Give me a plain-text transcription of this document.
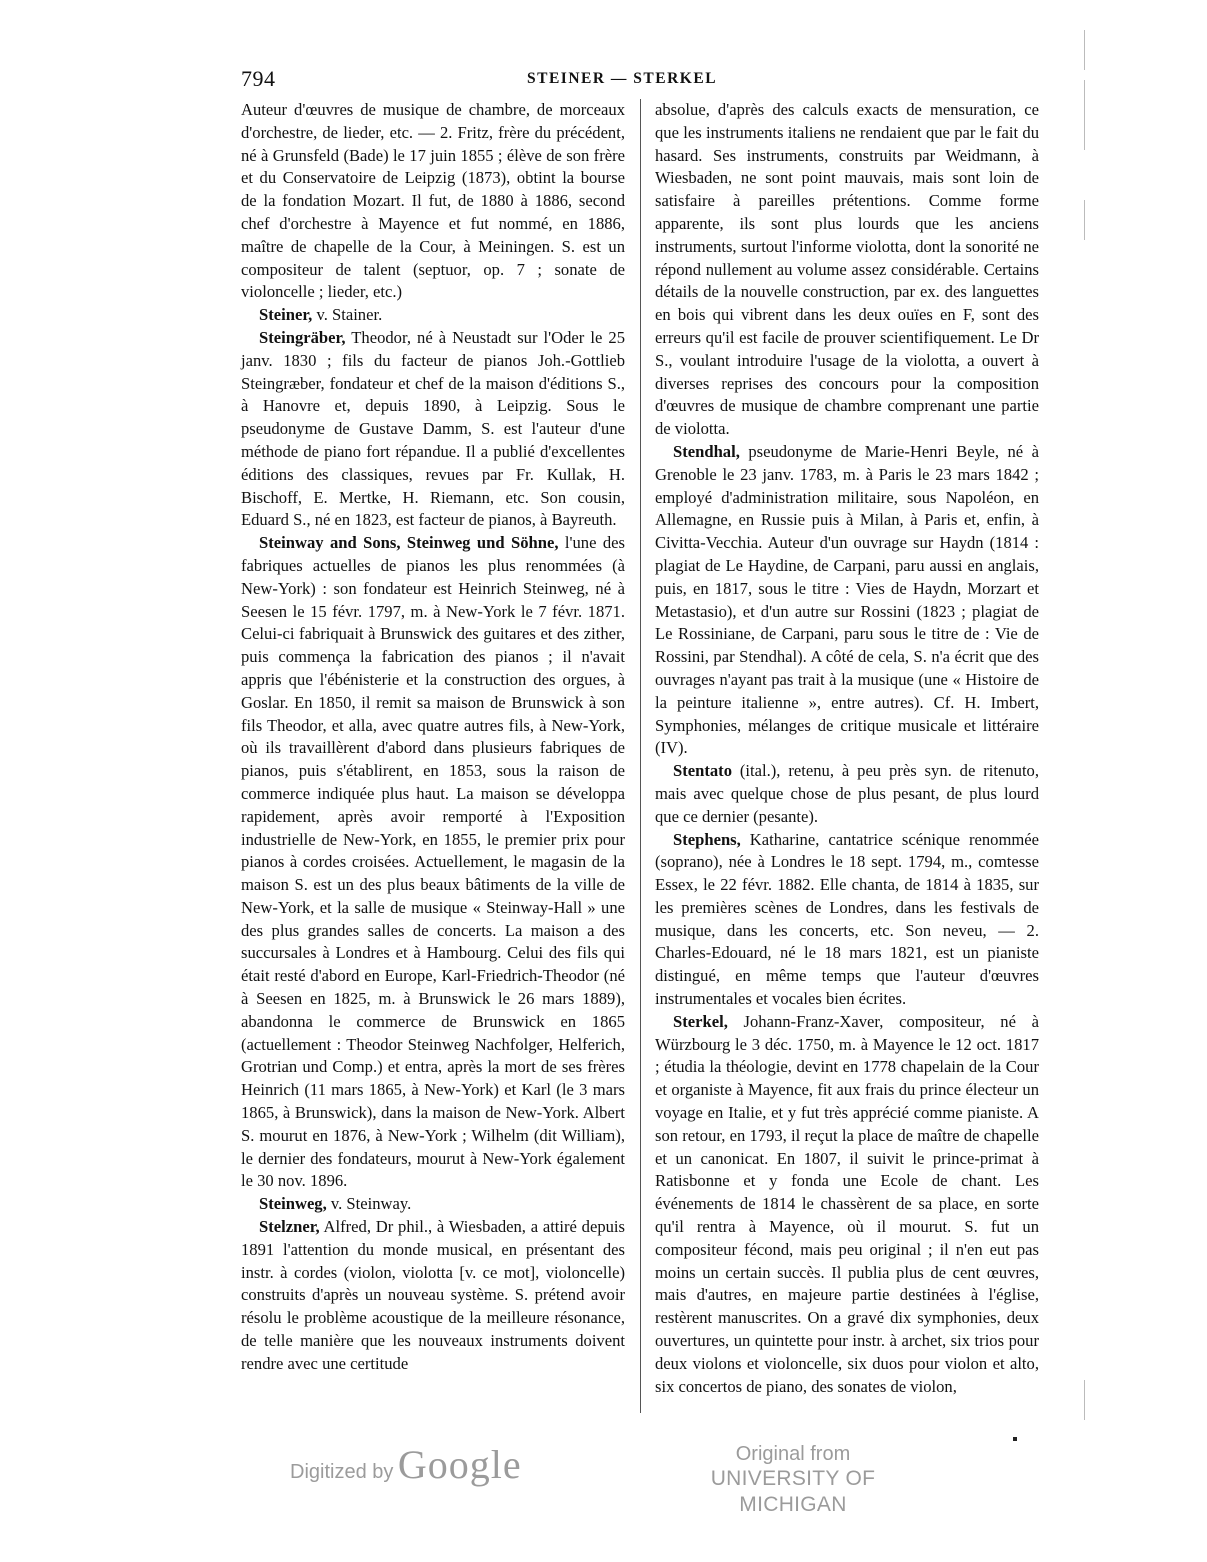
794	STEINER — STERKEL

Auteur d'œuvres de musique de chambre, de morceaux d'orchestre, de lieder, etc. — 2. Fritz, frère du précédent, né à Grunsfeld (Bade) le 17 juin 1855 ; élève de son frère et du Conservatoire de Leipzig (1873), obtint la bourse de la fondation Mozart. Il fut, de 1880 à 1886, second chef d'orchestre à Mayence et fut nommé, en 1886, maître de chapelle de la Cour, à Meiningen. S. est un compositeur de talent (septuor, op. 7 ; sonate de violoncelle ; lieder, etc.)

Steiner, v. Stainer.

Steingräber, Theodor, né à Neustadt sur l'Oder le 25 janv. 1830 ; fils du facteur de pianos Joh.-Gottlieb Steingræber, fondateur et chef de la maison d'éditions S., à Hanovre et, depuis 1890, à Leipzig. Sous le pseudonyme de Gustave Damm, S. est l'auteur d'une méthode de piano fort répandue. Il a publié d'excellentes éditions des classiques, revues par Fr. Kullak, H. Bischoff, E. Mertke, H. Riemann, etc. Son cousin, Eduard S., né en 1823, est facteur de pianos, à Bayreuth.

Steinway and Sons, Steinweg und Söhne, l'une des fabriques actuelles de pianos les plus renommées (à New-York) : son fondateur est Heinrich Steinweg, né à Seesen le 15 févr. 1797, m. à New-York le 7 févr. 1871. Celui-ci fabriquait à Brunswick des guitares et des zither, puis commença la fabrication des pianos ; il n'avait appris que l'ébénisterie et la construction des orgues, à Goslar. En 1850, il remit sa maison de Brunswick à son fils Theodor, et alla, avec quatre autres fils, à New-York, où ils travaillèrent d'abord dans plusieurs fabriques de pianos, puis s'établirent, en 1853, sous la raison de commerce indiquée plus haut. La maison se développa rapidement, après avoir remporté à l'Exposition industrielle de New-York, en 1855, le premier prix pour pianos à cordes croisées. Actuellement, le magasin de la maison S. est un des plus beaux bâtiments de la ville de New-York, et la salle de musique « Steinway-Hall » une des plus grandes salles de concerts. La maison a des succursales à Londres et à Hambourg. Celui des fils qui était resté d'abord en Europe, Karl-Friedrich-Theodor (né à Seesen en 1825, m. à Brunswick le 26 mars 1889), abandonna le commerce de Brunswick en 1865 (actuellement : Theodor Steinweg Nachfolger, Helferich, Grotrian und Comp.) et entra, après la mort de ses frères Heinrich (11 mars 1865, à New-York) et Karl (le 3 mars 1865, à Brunswick), dans la maison de New-York. Albert S. mourut en 1876, à New-York ; Wilhelm (dit William), le dernier des fondateurs, mourut à New-York également le 30 nov. 1896.

Steinweg, v. Steinway.

Stelzner, Alfred, Dr phil., à Wiesbaden, a attiré depuis 1891 l'attention du monde musical, en présentant des instr. à cordes (violon, violotta [v. ce mot], violoncelle) construits d'après un nouveau système. S. prétend avoir résolu le problème acoustique de la meilleure résonance, de telle manière que les nouveaux instruments doivent rendre avec une certitude

absolue, d'après des calculs exacts de mensuration, ce que les instruments italiens ne rendaient que par le fait du hasard. Ses instruments, construits par Weidmann, à Wiesbaden, ne sont point mauvais, mais sont loin de satisfaire à pareilles prétentions. Comme forme apparente, ils sont plus lourds que les anciens instruments, surtout l'informe violotta, dont la sonorité ne répond nullement au volume assez considérable. Certains détails de la nouvelle construction, par ex. des languettes en bois qui vibrent dans les deux ouïes en F, sont des erreurs qu'il est facile de prouver scientifiquement. Le Dr S., voulant introduire l'usage de la violotta, a ouvert à diverses reprises des concours pour la composition d'œuvres de musique de chambre comprenant une partie de violotta.

Stendhal, pseudonyme de Marie-Henri Beyle, né à Grenoble le 23 janv. 1783, m. à Paris le 23 mars 1842 ; employé d'administration militaire, sous Napoléon, en Allemagne, en Russie puis à Milan, à Paris et, enfin, à Civitta-Vecchia. Auteur d'un ouvrage sur Haydn (1814 : plagiat de Le Haydine, de Carpani, paru aussi en anglais, puis, en 1817, sous le titre : Vies de Haydn, Morzart et Metastasio), et d'un autre sur Rossini (1823 ; plagiat de Le Rossiniane, de Carpani, paru sous le titre de : Vie de Rossini, par Stendhal). A côté de cela, S. n'a écrit que des ouvrages n'ayant pas trait à la musique (une « Histoire de la peinture italienne », entre autres). Cf. H. Imbert, Symphonies, mélanges de critique musicale et littéraire (IV).

Stentato (ital.), retenu, à peu près syn. de ritenuto, mais avec quelque chose de plus pesant, de plus lourd que ce dernier (pesante).

Stephens, Katharine, cantatrice scénique renommée (soprano), née à Londres le 18 sept. 1794, m., comtesse Essex, le 22 févr. 1882. Elle chanta, de 1814 à 1835, sur les premières scènes de Londres, dans les festivals de musique, dans les concerts, etc. Son neveu, — 2. Charles-Edouard, né le 18 mars 1821, est un pianiste distingué, en même temps que l'auteur d'œuvres instrumentales et vocales bien écrites.

Sterkel, Johann-Franz-Xaver, compositeur, né à Würzbourg le 3 déc. 1750, m. à Mayence le 12 oct. 1817 ; étudia la théologie, devint en 1778 chapelain de la Cour et organiste à Mayence, fit aux frais du prince électeur un voyage en Italie, et y fut très apprécié comme pianiste. A son retour, en 1793, il reçut la place de maître de chapelle et un canonicat. En 1807, il suivit le prince-primat à Ratisbonne et y fonda une Ecole de chant. Les événements de 1814 le chassèrent de sa place, en sorte qu'il rentra à Mayence, où il mourut. S. fut un compositeur fécond, mais peu original ; il n'en eut pas moins un certain succès. Il publia plus de cent œuvres, mais d'autres, en majeure partie destinées à l'église, restèrent manuscrites. On a gravé dix symphonies, deux ouvertures, un quintette pour instr. à archet, six trios pour deux violons et violoncelle, six duos pour violon et alto, six concertos de piano, des sonates de violon,

Digitized by Google	Original from
UNIVERSITY OF MICHIGAN
